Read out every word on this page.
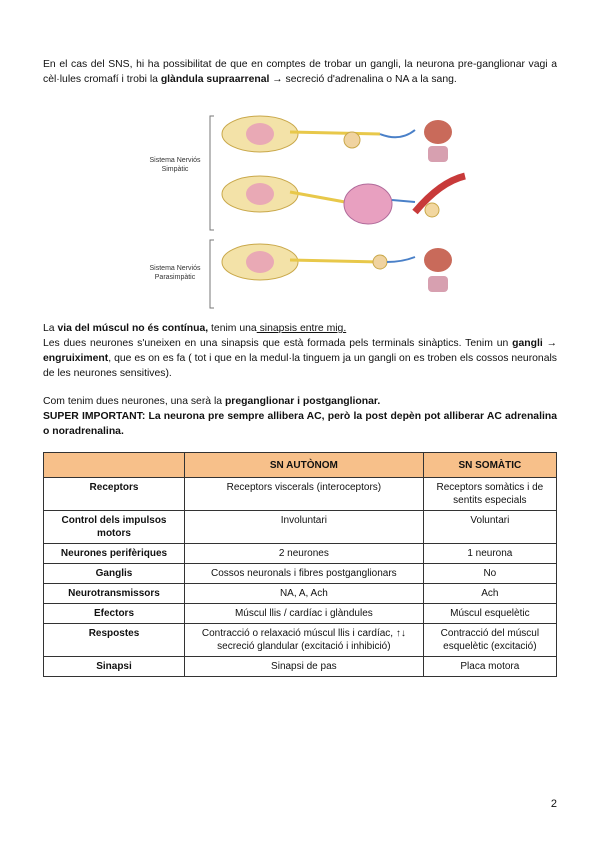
En el cas del SNS, hi ha possibilitat de que en comptes de trobar un gangli, la neurona pre-ganglionar vagi a cèl·lules cromafí i trobi la glàndula supraarrenal → secreció d'adrenalina o NA a la sang.
Sistema Nerviós Simpàtic
Sistema Nerviós Parasimpàtic
La via del múscul no és contínua, tenim una sinapsis entre mig.
Les dues neurones s'uneixen en una sinapsis que està formada pels terminals sinàptics. Tenim un gangli → engruiximent, que es on es fa ( tot i que en la medul·la tinguem ja un gangli on es troben els cossos neuronals de les neurones sensitives).
Com tenim dues neurones, una serà la preganglionar i postganglionar.
SUPER IMPORTANT: La neurona pre sempre allibera AC, però la post depèn pot alliberar AC adrenalina o noradrenalina.
	SN AUTÒNOM	SN SOMÀTIC
Receptors	Receptors viscerals (interoceptors)	Receptors somàtics i de sentits especials
Control dels impulsos motors	Involuntari	Voluntari
Neurones perifèriques	2 neurones	1 neurona
Ganglis	Cossos neuronals i fibres postganglionars	No
Neurotransmissors	NA, A, Ach	Ach
Efectors	Múscul llis / cardíac i glàndules	Múscul esquelètic
Respostes	Contracció o relaxació múscul llis i cardíac, ↑↓ secreció glandular (excitació i inhibició)	Contracció del múscul esquelètic (excitació)
Sinapsi	Sinapsi de pas	Placa motora
2
